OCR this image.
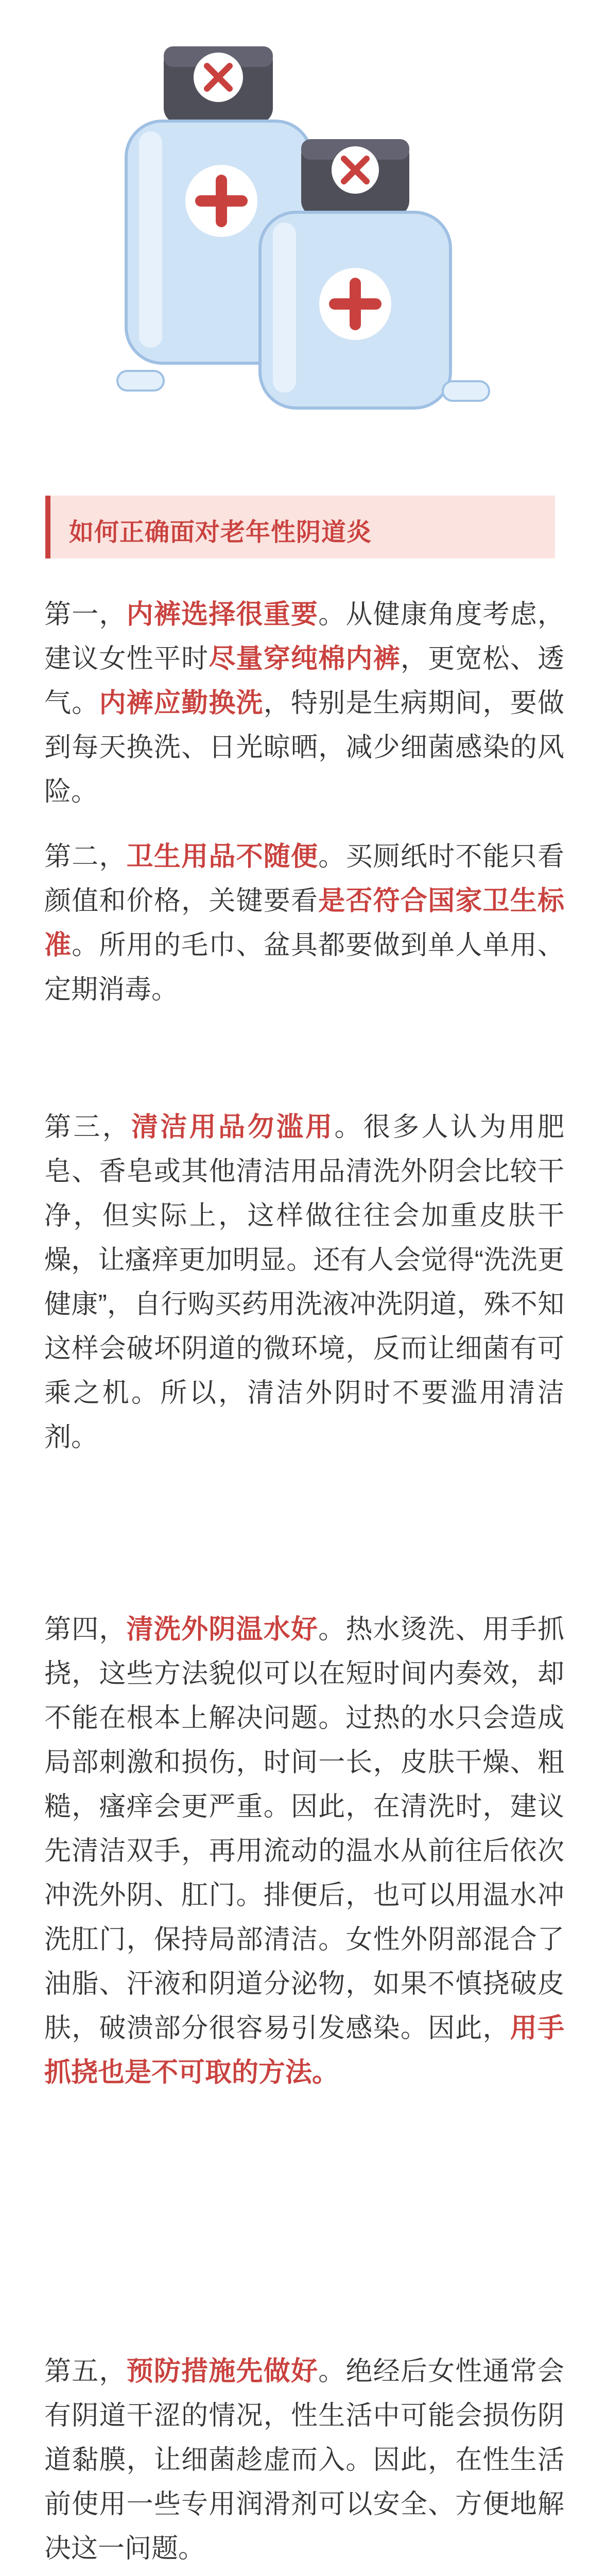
如何正确面对老年性阴道炎
第一，内裤选择很重要。从健康角度考虑，建议女性平时尽量穿纯棉内裤，更宽松、透气。内裤应勤换洗，特别是生病期间，要做到每天换洗、日光晾晒，减少细菌感染的风险。
第二，卫生用品不随便。买厕纸时不能只看颜值和价格，关键要看是否符合国家卫生标准。所用的毛巾、盆具都要做到单人单用、定期消毒。
第三，清洁用品勿滥用。很多人认为用肥皂、香皂或其他清洁用品清洗外阴会比较干净，但实际上，这样做往往会加重皮肤干燥，让瘙痒更加明显。还有人会觉得“洗洗更健康”，自行购买药用洗液冲洗阴道，殊不知这样会破坏阴道的微环境，反而让细菌有可乘之机。所以，清洁外阴时不要滥用清洁剂。
第四，清洗外阴温水好。热水烫洗、用手抓挠，这些方法貌似可以在短时间内奏效，却不能在根本上解决问题。过热的水只会造成局部刺激和损伤，时间一长，皮肤干燥、粗糙，瘙痒会更严重。因此，在清洗时，建议先清洁双手，再用流动的温水从前往后依次冲洗外阴、肛门。排便后，也可以用温水冲洗肛门，保持局部清洁。女性外阴部混合了油脂、汗液和阴道分泌物，如果不慎挠破皮肤，破溃部分很容易引发感染。因此，用手抓挠也是不可取的方法。
第五，预防措施先做好。绝经后女性通常会有阴道干涩的情况，性生活中可能会损伤阴道黏膜，让细菌趁虚而入。因此，在性生活前使用一些专用润滑剂可以安全、方便地解决这一问题。
